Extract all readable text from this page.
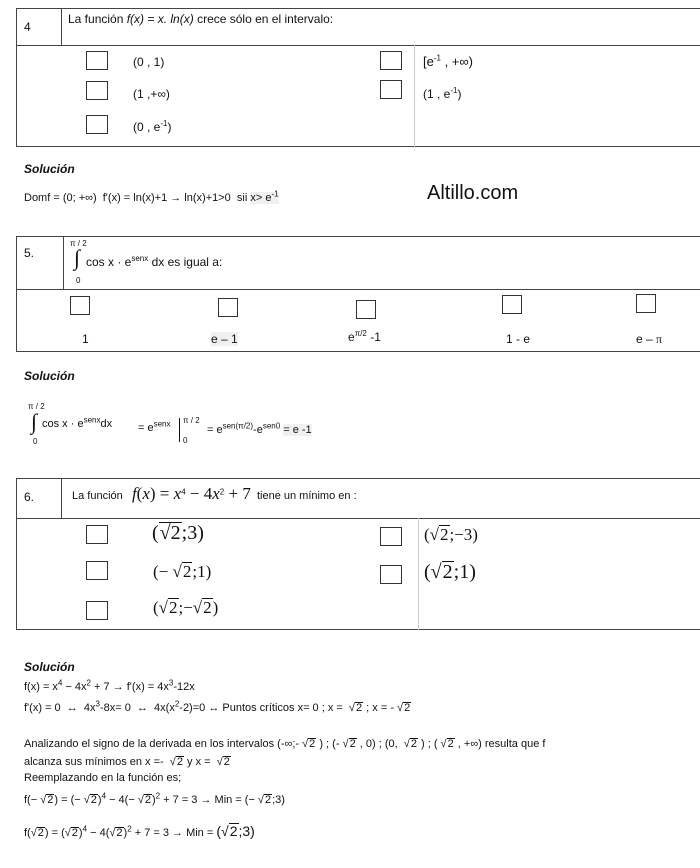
4
La función f(x) = x. ln(x) crece sólo en el intervalo:
(0 , 1)	[$e^{-1}$ , +∞)
(1 ,+∞)	(1 , $e^{-1}$)
(0 , $e^{-1}$)
Solución
Domf = (0; +∞)  f'(x) = ln(x)+1 → ln(x)+1>0  sii $x> e^{-1}$	Altillo.com
5.
π / 2
∫
0
$\cos x \cdot e^{senx}$ dx es igual a:
1	e – 1	$e^{\pi/2}$ -1	1 - e	e – π
Solución
π / 2
∫
0
$\cos x \cdot e^{senx}dx = e^{senx}$ π / 2
0
= $e^{sen(\pi/2)}-e^{sen0} = e$ -1
6.	La función $f(x) = x^4 - 4x^2 + 7$ tiene un mínimo en :
(√2;3)	(√2;−3)
(− √2;1)	(√2;1)
(√2;−√2)
Solución
$f(x) = x^4 - 4x^2 + 7 \to f'(x) = 4x^3-12x$
f'(x) = 0  ↔  $4x^3-8x= 0$  ↔  $4x(x^2-2)=0$ ↔ Puntos críticos x= 0 ; x =  √2 ; x = - √2
Analizando el signo de la derivada en los intervalos (-∞;- √2 ) ; (- √2 , 0) ; (0,  √2 ) ; ( √2 , +∞) resulta que f
alcanza sus mínimos en x =-  √2 y x =  √2
Reemplazando en la función es;
f(− √2) = (− $√2)^4 - 4(- √2)^2 + 7 = 3$ → Min = (− √2;3)
$f(√2) = (√2)^4 - 4(√2)^2 + 7 = 3$ → Min = (√2;3)
